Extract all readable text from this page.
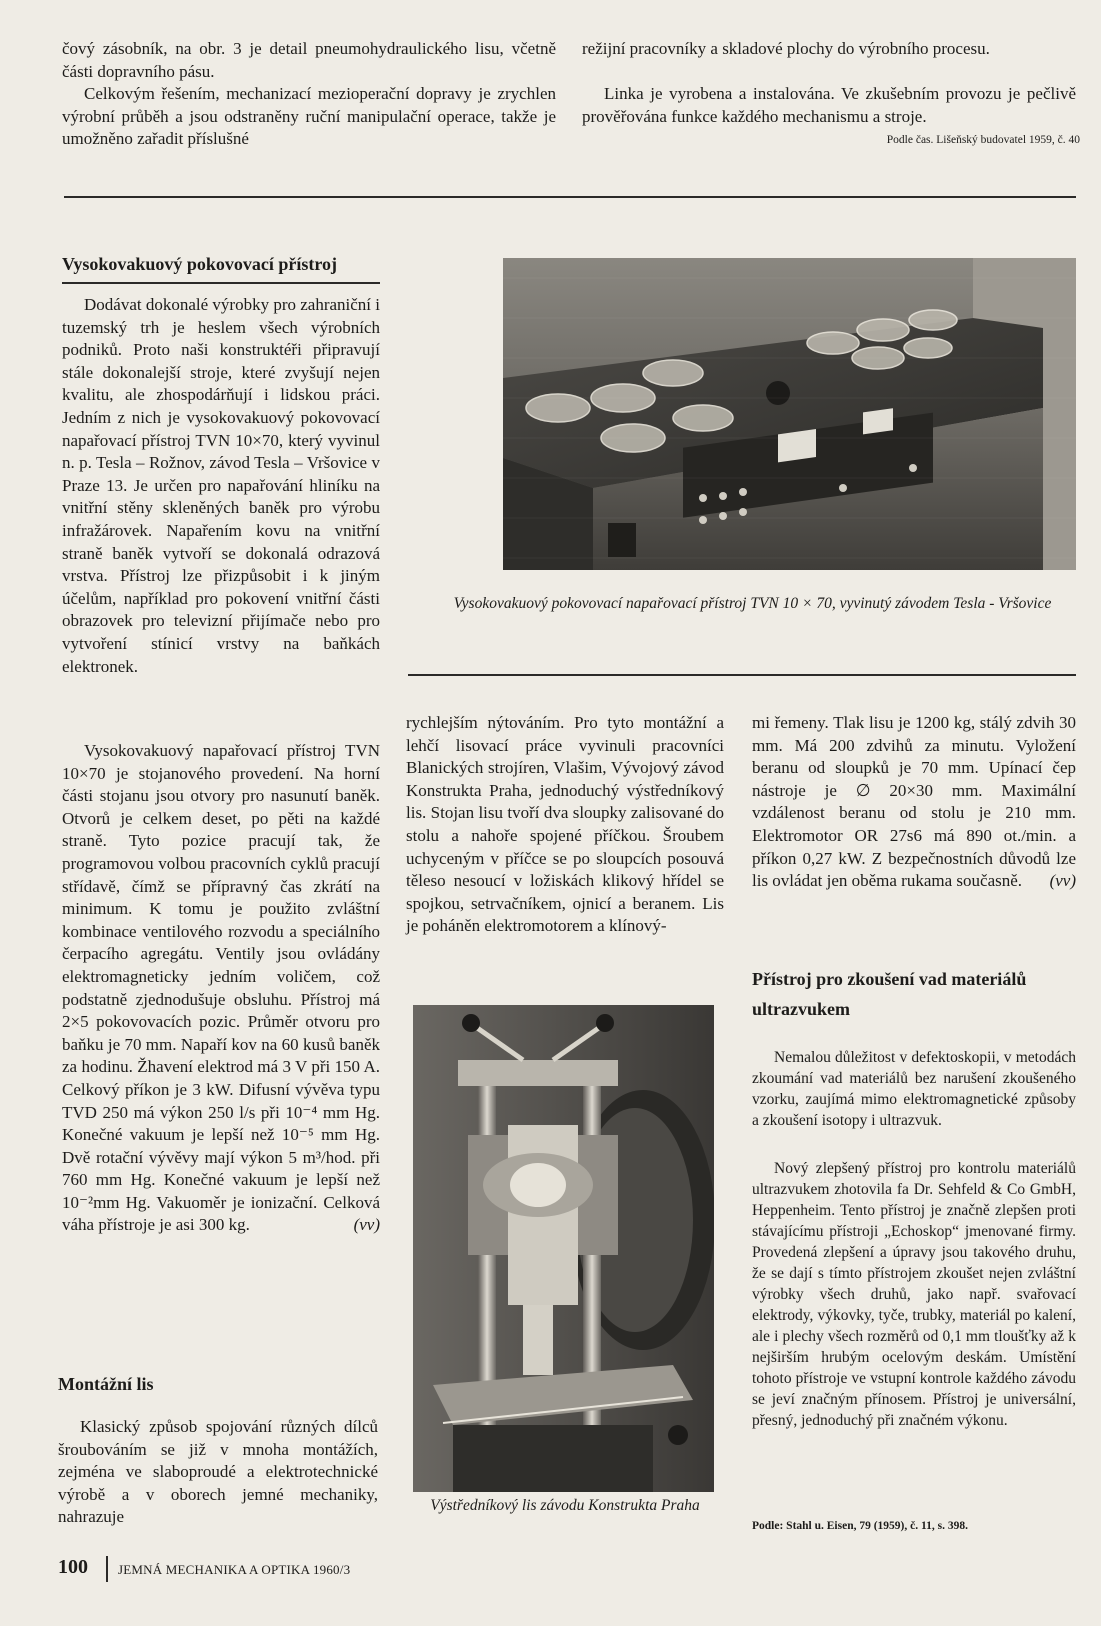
čový zásobník, na obr. 3 je detail pneumohydraulického lisu, včetně části dopravního pásu.

Celkovým řešením, mechanizací mezioperační dopravy je zrychlen výrobní průběh a jsou odstraněny ruční manipulační operace, takže je umožněno zařadit příslušné

režijní pracovníky a skladové plochy do výrobního procesu.

Linka je vyrobena a instalována. Ve zkušebním provozu je pečlivě prověřována funkce každého mechanismu a stroje.

Podle čas. Lišeňský budovatel 1959, č. 40

Vysokovakuový pokovovací přístroj

Dodávat dokonalé výrobky pro zahraniční i tuzemský trh je heslem všech výrobních podniků. Proto naši konstruktéři připravují stále dokonalejší stroje, které zvyšují nejen kvalitu, ale zhospodárňují i lidskou práci. Jedním z nich je vysokovakuový pokovovací napařovací přístroj TVN 10×70, který vyvinul n. p. Tesla – Rožnov, závod Tesla – Vršovice v Praze 13. Je určen pro napařování hliníku na vnitřní stěny skleněných baněk pro výrobu infražárovek. Napařením kovu na vnitřní straně baněk vytvoří se dokonalá odrazová vrstva. Přístroj lze přizpůsobit i k jiným účelům, například pro pokovení vnitřní části obrazovek pro televizní přijímače nebo pro vytvoření stínicí vrstvy na baňkách elektronek.

Vysokovakuový napařovací přístroj TVN 10×70 je stojanového provedení. Na horní části stojanu jsou otvory pro nasunutí baněk. Otvorů je celkem deset, po pěti na každé straně. Tyto pozice pracují tak, že programovou volbou pracovních cyklů pracují střídavě, čímž se přípravný čas zkrátí na minimum. K tomu je použito zvláštní kombinace ventilového rozvodu a speciálního čerpacího agregátu. Ventily jsou ovládány elektromagneticky jedním voličem, což podstatně zjednodušuje obsluhu. Přístroj má 2×5 pokovovacích pozic. Průměr otvoru pro baňku je 70 mm. Napaří kov na 60 kusů baněk za hodinu. Žhavení elektrod má 3 V při 150 A. Celkový příkon je 3 kW. Difusní vývěva typu TVD 250 má výkon 250 l/s při 10⁻⁴ mm Hg. Konečné vakuum je lepší než 10⁻⁵ mm Hg. Dvě rotační vývěvy mají výkon 5 m³/hod. při 760 mm Hg. Konečné vakuum je lepší než 10⁻²mm Hg. Vakuoměr je ionizační. Celková váha přístroje je asi 300 kg.	(vv)

Vysokovakuový pokovovací napařovací přístroj TVN 10 × 70, vyvinutý závodem Tesla - Vršovice

Montážní lis

Klasický způsob spojování různých dílců šroubováním se již v mnoha montážích, zejména ve slaboproudé a elektrotechnické výrobě a v oborech jemné mechaniky, nahrazuje

rychlejším nýtováním. Pro tyto montážní a lehčí lisovací práce vyvinuli pracovníci Blanických strojíren, Vlašim, Vývojový závod Konstrukta Praha, jednoduchý výstředníkový lis. Stojan lisu tvoří dva sloupky zalisované do stolu a nahoře spojené příčkou. Šroubem uchyceným v příčce se po sloupcích posouvá těleso nesoucí v ložiskách klikový hřídel se spojkou, setrvačníkem, ojnicí a beranem. Lis je poháněn elektromotorem a klínový-

Výstředníkový lis závodu Konstrukta Praha

mi řemeny. Tlak lisu je 1200 kg, stálý zdvih 30 mm. Má 200 zdvihů za minutu. Vyložení beranu od sloupků je 70 mm. Upínací čep nástroje je ∅ 20×30 mm. Maximální vzdálenost beranu od stolu je 210 mm. Elektromotor OR 27s6 má 890 ot./min. a příkon 0,27 kW. Z bezpečnostních důvodů lze lis ovládat jen oběma rukama současně. (vv)

Přístroj pro zkoušení vad materiálů ultrazvukem

Nemalou důležitost v defektoskopii, v metodách zkoumání vad materiálů bez narušení zkoušeného vzorku, zaujímá mimo elektromagnetické způsoby a zkoušení isotopy i ultrazvuk.

Nový zlepšený přístroj pro kontrolu materiálů ultrazvukem zhotovila fa Dr. Sehfeld & Co GmbH, Heppenheim. Tento přístroj je značně zlepšen proti stávajícímu přístroji „Echoskop“ jmenované firmy. Provedená zlepšení a úpravy jsou takového druhu, že se dají s tímto přístrojem zkoušet nejen zvláštní výrobky všech druhů, jako např. svařovací elektrody, výkovky, tyče, trubky, materiál po kalení, ale i plechy všech rozměrů od 0,1 mm tloušťky až k nejširším hrubým ocelovým deskám. Umístění tohoto přístroje ve vstupní kontrole každého závodu se jeví značným přínosem. Přístroj je universální, přesný, jednoduchý při značném výkonu.

Podle: Stahl u. Eisen, 79 (1959), č. 11, s. 398.

100 JEMNÁ MECHANIKA A OPTIKA 1960/3
